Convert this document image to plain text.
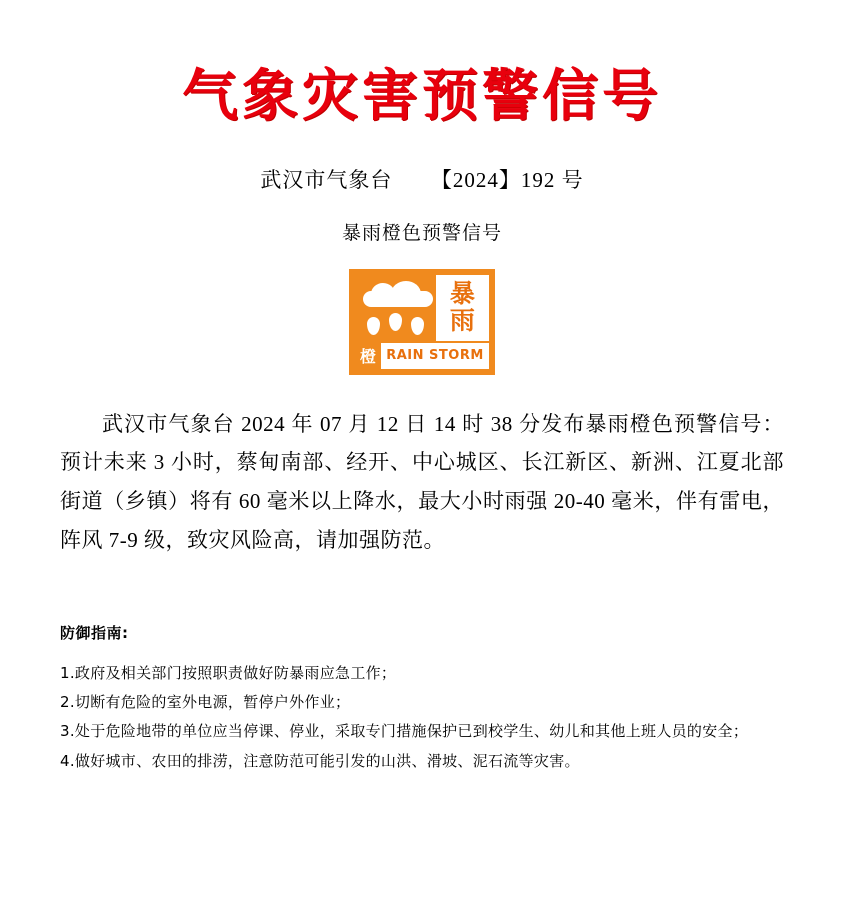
气象灾害预警信号
武汉市气象台 【2024】192 号
暴雨橙色预警信号
暴
雨
橙 RAIN STORM
武汉市气象台 2024 年 07 月 12 日 14 时 38 分发布暴雨橙色预警信号：预计未来 3 小时，蔡甸南部、经开、中心城区、长江新区、新洲、江夏北部街道（乡镇）将有 60 毫米以上降水，最大小时雨强 20-40 毫米，伴有雷电，阵风 7-9 级，致灾风险高，请加强防范。
防御指南:

1.政府及相关部门按照职责做好防暴雨应急工作；

2.切断有危险的室外电源，暂停户外作业；

3.处于危险地带的单位应当停课、停业，采取专门措施保护已到校学生、幼儿和其他上班人员的安全；

4.做好城市、农田的排涝，注意防范可能引发的山洪、滑坡、泥石流等灾害。
